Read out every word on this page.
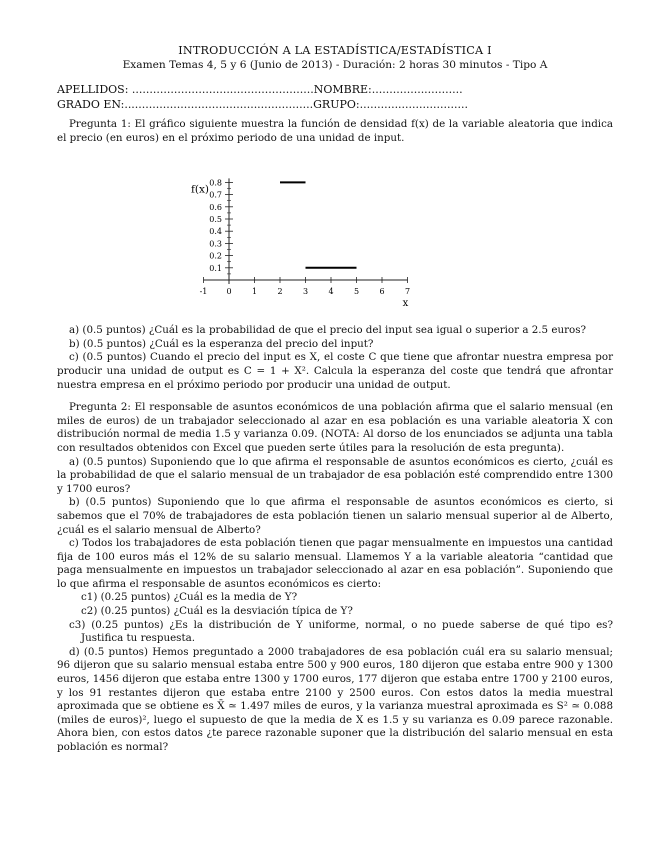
INTRODUCCIÓN A LA ESTADÍSTICA/ESTADÍSTICA I
Examen Temas 4, 5 y 6 (Junio de 2013) - Duración: 2 horas 30 minutos - Tipo A
APELLIDOS: ....................................................NOMBRE:..........................
GRADO EN:......................................................GRUPO:...............................

Pregunta 1: El gráfico siguiente muestra la función de densidad f(x) de la variable aleatoria que indica el precio (en euros) en el próximo periodo de una unidad de input.

-1 0	1	2	3	4	5	6	7
0.1
0.2
0.3
0.4
0.5
0.6
0.7
0.8
f(x)
x

a) (0.5 puntos) ¿Cuál es la probabilidad de que el precio del input sea igual o superior a 2.5 euros?

b) (0.5 puntos) ¿Cuál es la esperanza del precio del input?

c) (0.5 puntos) Cuando el precio del input es X, el coste C que tiene que afrontar nuestra empresa por producir una unidad de output es C = 1 + X². Calcula la esperanza del coste que tendrá que afrontar nuestra empresa en el próximo periodo por producir una unidad de output.

Pregunta 2: El responsable de asuntos económicos de una población afirma que el salario mensual (en miles de euros) de un trabajador seleccionado al azar en esa población es una variable aleatoria X con distribución normal de media 1.5 y varianza 0.09. (NOTA: Al dorso de los enunciados se adjunta una tabla con resultados obtenidos con Excel que pueden serte útiles para la resolución de esta pregunta).

a) (0.5 puntos) Suponiendo que lo que afirma el responsable de asuntos económicos es cierto, ¿cuál es la probabilidad de que el salario mensual de un trabajador de esa población esté comprendido entre 1300 y 1700 euros?

b) (0.5 puntos) Suponiendo que lo que afirma el responsable de asuntos económicos es cierto, si sabemos que el 70% de trabajadores de esta población tienen un salario mensual superior al de Alberto, ¿cuál es el salario mensual de Alberto?

c) Todos los trabajadores de esta población tienen que pagar mensualmente en impuestos una cantidad fija de 100 euros más el 12% de su salario mensual. Llamemos Y a la variable aleatoria “cantidad que paga mensualmente en impuestos un trabajador seleccionado al azar en esa población”. Suponiendo que lo que afirma el responsable de asuntos económicos es cierto:

c1) (0.25 puntos) ¿Cuál es la media de Y?

c2) (0.25 puntos) ¿Cuál es la desviación típica de Y?

c3) (0.25 puntos) ¿Es la distribución de Y uniforme, normal, o no puede saberse de qué tipo es? Justifica tu respuesta.

d) (0.5 puntos) Hemos preguntado a 2000 trabajadores de esa población cuál era su salario mensual; 96 dijeron que su salario mensual estaba entre 500 y 900 euros, 180 dijeron que estaba entre 900 y 1300 euros, 1456 dijeron que estaba entre 1300 y 1700 euros, 177 dijeron que estaba entre 1700 y 2100 euros, y los 91 restantes dijeron que estaba entre 2100 y 2500 euros. Con estos datos la media muestral aproximada que se obtiene es X̄ ≃ 1.497 miles de euros, y la varianza muestral aproximada es S² ≃ 0.088 (miles de euros)², luego el supuesto de que la media de X es 1.5 y su varianza es 0.09 parece razonable. Ahora bien, con estos datos ¿te parece razonable suponer que la distribución del salario mensual en esta población es normal?
